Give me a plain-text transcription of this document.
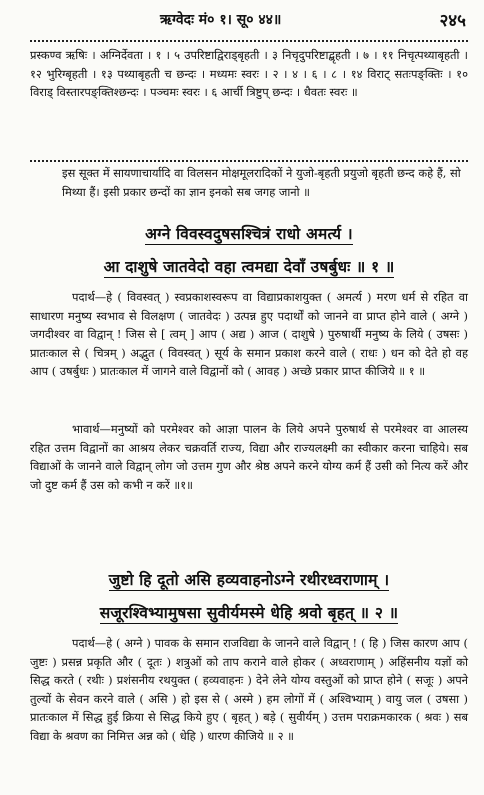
ऋग्वेदः मं० १। सू० ४४॥	२४५
प्रस्कण्व ऋषिः । अग्निर्देवता । १ । ५ उपरिष्टाद्विराड्बृहती । ३ निचृदुपरिष्टाद्बृहती । ७ । ११ निचृत्पथ्याबृहती । १२ भुरिग्बृहती । १३ पथ्याबृहती च छन्दः । मध्यमः स्वरः । २ । ४ । ६ । ८ । १४ विराट् सतःपङ्क्तिः । १० विराड् विस्तारपङ्क्तिश्छन्दः । पञ्चमः स्वरः । ६ आर्ची त्रिष्टुप् छन्दः । धैवतः स्वरः ॥
इस सूक्त में सायणाचार्यादि वा विलसन मोक्षमूलरादिकों ने युजो-बृहती प्रयुजो बृहती छन्द कहे हैं, सो मिथ्या हैं। इसी प्रकार छन्दों का ज्ञान इनको सब जगह जानो ॥
अग्ने विवस्वदुषसश्चित्रं राधो अमर्त्य ।
आ दाशुषे जातवेदो वहा त्वमद्या देवाँ उषर्बुधः ॥ १ ॥
पदार्थ—हे ( विवस्वत् ) स्वप्रकाशस्वरूप वा विद्याप्रकाशयुक्त ( अमर्त्य ) मरण धर्म से रहित वा साधारण मनुष्य स्वभाव से विलक्षण ( जातवेदः ) उत्पन्न हुए पदार्थों को जानने वा प्राप्त होने वाले ( अग्ने ) जगदीश्वर वा विद्वान् ! जिस से [ त्वम् ] आप ( अद्य ) आज ( दाशुषे ) पुरुषार्थी मनुष्य के लिये ( उषसः ) प्रातःकाल से ( चित्रम् ) अद्भुत ( विवस्वत् ) सूर्य के समान प्रकाश करने वाले ( राधः ) धन को देते हो वह आप ( उषर्बुधः ) प्रातःकाल में जागने वाले विद्वानों को ( आवह ) अच्छे प्रकार प्राप्त कीजिये ॥ १ ॥
भावार्थ—मनुष्यों को परमेश्वर को आज्ञा पालन के लिये अपने पुरुषार्थ से परमेश्वर वा आलस्य रहित उत्तम विद्वानों का आश्रय लेकर चक्रवर्ति राज्य, विद्या और राज्यलक्ष्मी का स्वीकार करना चाहिये। सब विद्याओं के जानने वाले विद्वान् लोग जो उत्तम गुण और श्रेष्ठ अपने करने योग्य कर्म हैं उसी को नित्य करें और जो दुष्ट कर्म हैं उस को कभी न करें ॥१॥
जुष्टो हि दूतो असि हव्यवाहनोऽग्ने रथीरध्वराणाम् ।
सजूरश्विभ्यामुषसा सुवीर्यमस्मे धेहि श्रवो बृहत् ॥ २ ॥
पदार्थ—हे ( अग्ने ) पावक के समान राजविद्या के जानने वाले विद्वान् ! ( हि ) जिस कारण आप ( जुष्टः ) प्रसन्न प्रकृति और ( दूतः ) शत्रुओं को ताप कराने वाले होकर ( अध्वराणाम् ) अहिंसनीय यज्ञों को सिद्ध करते ( रथीः ) प्रशंसनीय रथयुक्त ( हव्यवाहनः ) देने लेने योग्य वस्तुओं को प्राप्त होने ( सजूः ) अपने तुल्यों के सेवन करने वाले ( असि ) हो इस से ( अस्मे ) हम लोगों में ( अश्विभ्याम् ) वायु जल ( उषसा ) प्रातःकाल में सिद्ध हुई क्रिया से सिद्ध किये हुए ( बृहत् ) बड़े ( सुवीर्यम् ) उत्तम पराक्रमकारक ( श्रवः ) सब विद्या के श्रवण का निमित्त अन्न को ( धेहि ) धारण कीजिये ॥ २ ॥
